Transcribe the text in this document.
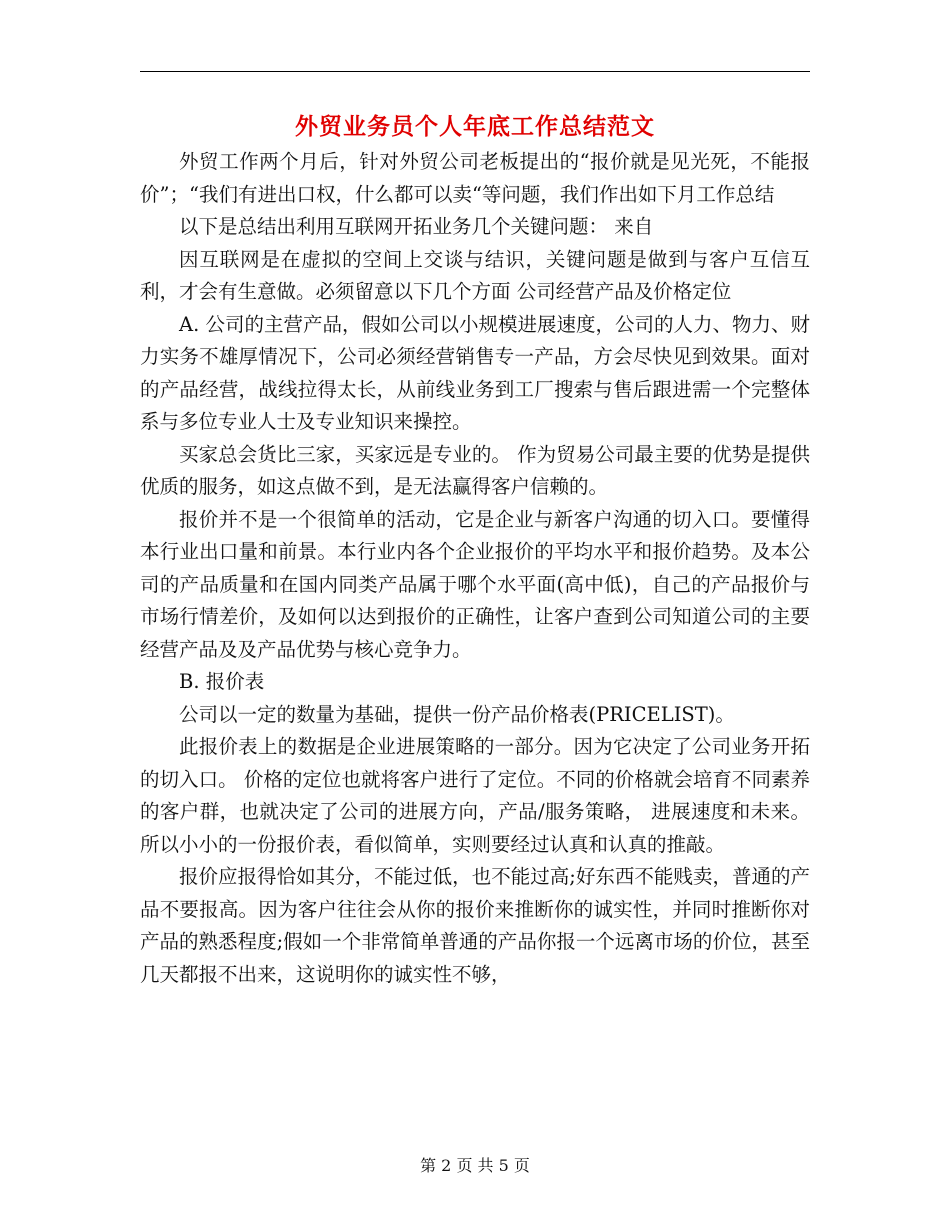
外贸业务员个人年底工作总结范文

外贸工作两个月后，针对外贸公司老板提出的“报价就是见光死，不能报价”；“我们有进出口权，什么都可以卖“等问题，我们作出如下月工作总结

以下是总结出利用互联网开拓业务几个关键问题： 来自

因互联网是在虚拟的空间上交谈与结识，关键问题是做到与客户互信互利，才会有生意做。必须留意以下几个方面 公司经营产品及价格定位

A. 公司的主营产品，假如公司以小规模进展速度，公司的人力、物力、财力实务不雄厚情况下，公司必须经营销售专一产品，方会尽快见到效果。面对的产品经营，战线拉得太长，从前线业务到工厂搜索与售后跟进需一个完整体系与多位专业人士及专业知识来操控。

买家总会货比三家，买家远是专业的。 作为贸易公司最主要的优势是提供优质的服务，如这点做不到，是无法赢得客户信赖的。

报价并不是一个很简单的活动，它是企业与新客户沟通的切入口。要懂得本行业出口量和前景。本行业内各个企业报价的平均水平和报价趋势。及本公司的产品质量和在国内同类产品属于哪个水平面(高中低)，自己的产品报价与市场行情差价，及如何以达到报价的正确性，让客户查到公司知道公司的主要经营产品及及产品优势与核心竞争力。

B. 报价表

公司以一定的数量为基础，提供一份产品价格表(PRICELIST)。

此报价表上的数据是企业进展策略的一部分。因为它决定了公司业务开拓的切入口。 价格的定位也就将客户进行了定位。不同的价格就会培育不同素养的客户群，也就决定了公司的进展方向，产品/服务策略， 进展速度和未来。所以小小的一份报价表，看似简单，实则要经过认真和认真的推敲。

报价应报得恰如其分，不能过低，也不能过高;好东西不能贱卖，普通的产品不要报高。因为客户往往会从你的报价来推断你的诚实性，并同时推断你对产品的熟悉程度;假如一个非常简单普通的产品你报一个远离市场的价位，甚至几天都报不出来，这说明你的诚实性不够，

第 2 页 共 5 页
